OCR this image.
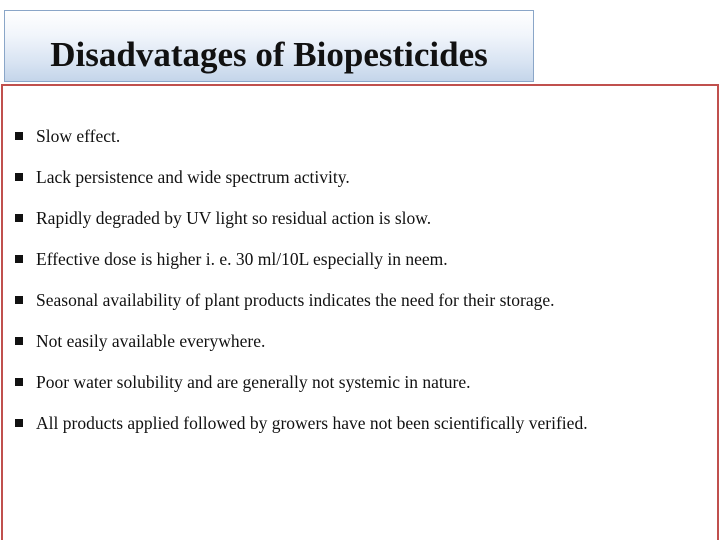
Disadvatages of Biopesticides
Slow effect.
Lack persistence and wide spectrum activity.
Rapidly degraded by UV light so residual action is slow.
Effective dose is higher i. e. 30 ml/10L especially in neem.
Seasonal availability of plant products indicates the need for their storage.
Not easily available everywhere.
Poor water solubility and are generally not systemic in nature.
All products applied followed by growers have not been scientifically verified.
